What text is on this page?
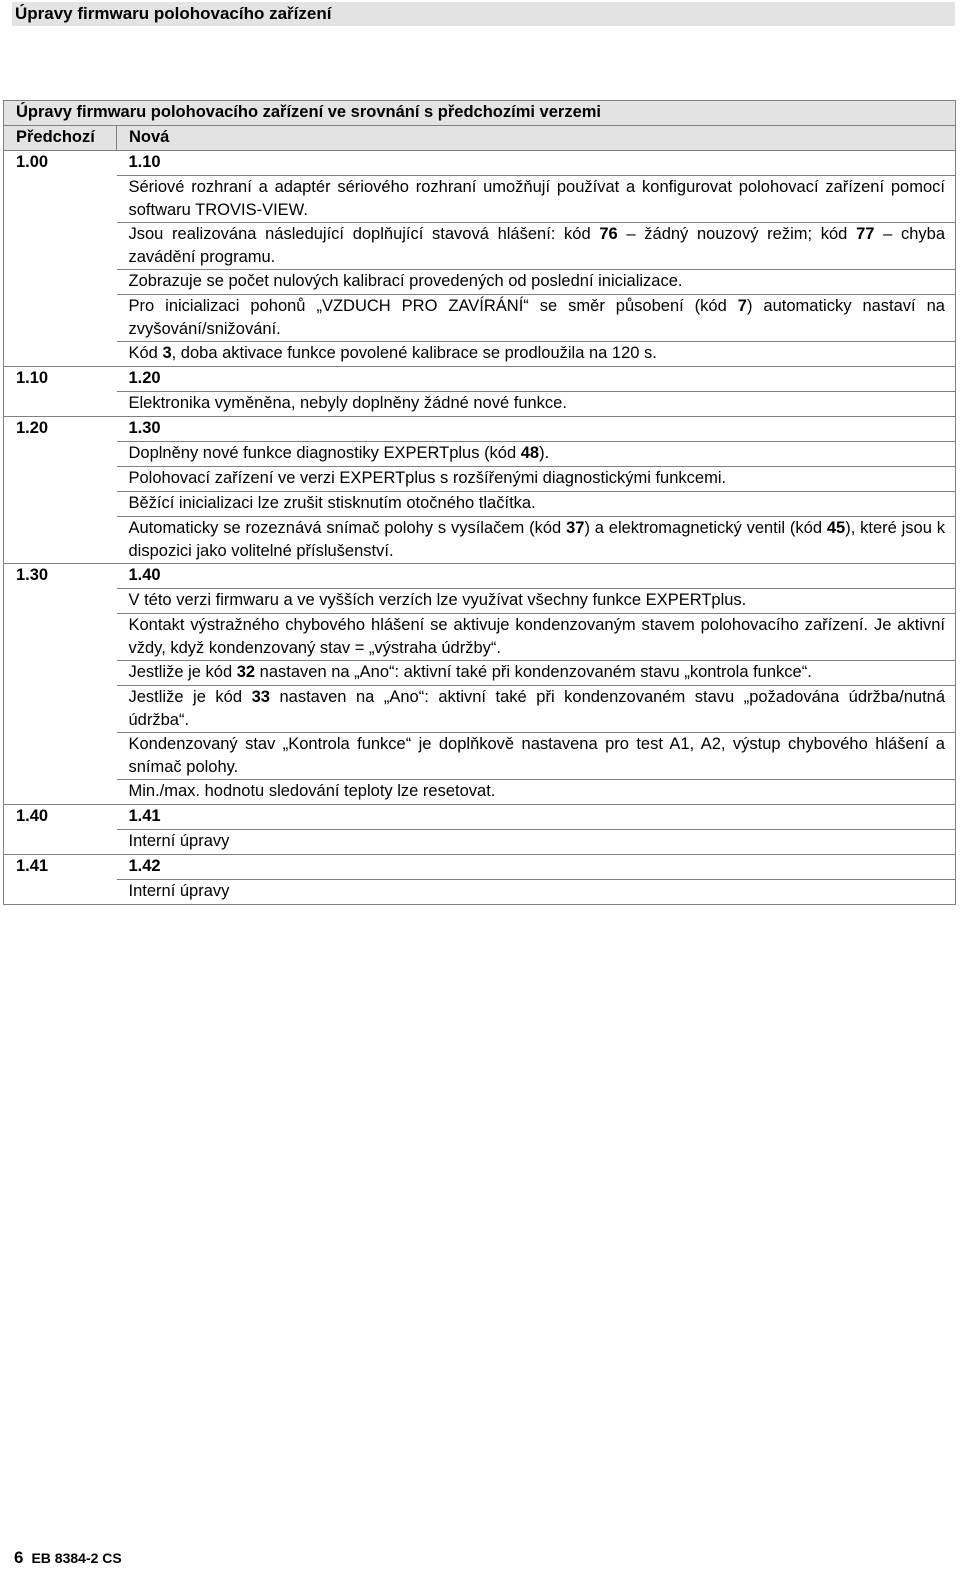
Úpravy firmwaru polohovacího zařízení
Úpravy firmwaru polohovacího zařízení ve srovnání s předchozími verzemi	
Předchozí	Nová
1.00	1.10
	Sériové rozhraní a adaptér sériového rozhraní umožňují používat a konfigurovat polohovací zařízení pomocí softwaru TROVIS-VIEW.
	Jsou realizována následující doplňující stavová hlášení: kód 76 – žádný nouzový režim; kód 77 – chyba zavádění programu.
	Zobrazuje se počet nulových kalibrací provedených od poslední inicializace.
	Pro inicializaci pohonů „VZDUCH PRO ZAVÍRÁNÍ“ se směr působení (kód 7) automaticky nastaví na zvyšování/snižování.
	Kód 3, doba aktivace funkce povolené kalibrace se prodloužila na 120 s.
1.10	1.20
	Elektronika vyměněna, nebyly doplněny žádné nové funkce.
1.20	1.30
	Doplněny nové funkce diagnostiky EXPERTplus (kód 48).
	Polohovací zařízení ve verzi EXPERTplus s rozšířenými diagnostickými funkcemi.
	Běžící inicializaci lze zrušit stisknutím otočného tlačítka.
	Automaticky se rozeznává snímač polohy s vysílačem (kód 37) a elektromagnetický ventil (kód 45), které jsou k dispozici jako volitelné příslušenství.
1.30	1.40
	V této verzi firmwaru a ve vyšších verzích lze využívat všechny funkce EXPERTplus.
	Kontakt výstražného chybového hlášení se aktivuje kondenzovaným stavem polohovacího zařízení. Je aktivní vždy, když kondenzovaný stav = „výstraha údržby“.
	Jestliže je kód 32 nastaven na „Ano“: aktivní také při kondenzovaném stavu „kontrola funkce“.
	Jestliže je kód 33 nastaven na „Ano“: aktivní také při kondenzovaném stavu „požadována údržba/nutná údržba“.
	Kondenzovaný stav „Kontrola funkce“ je doplňkově nastavena pro test A1, A2, výstup chybového hlášení a snímač polohy.
	Min./max. hodnotu sledování teploty lze resetovat.
1.40	1.41
	Interní úpravy
1.41	1.42
	Interní úpravy
6 EB 8384-2 CS
